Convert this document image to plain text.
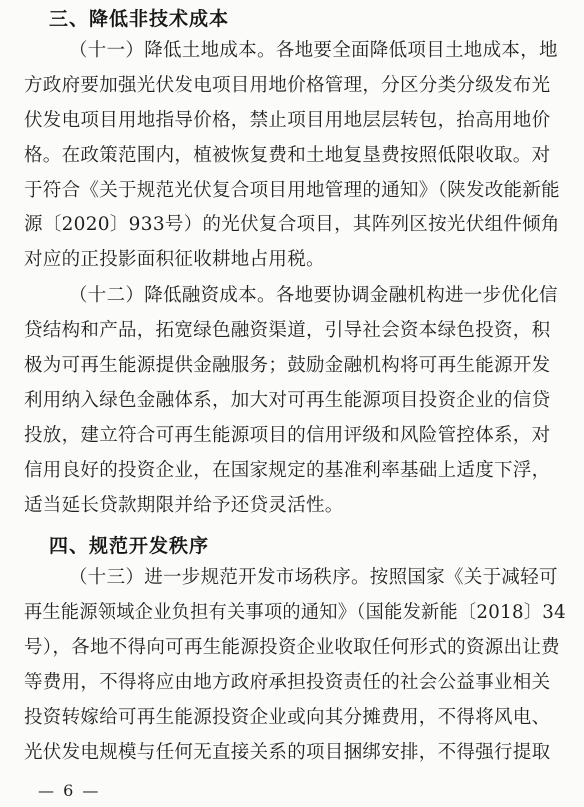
三、降低非技术成本
（十一）降低土地成本。各地要全面降低项目土地成本，地
方政府要加强光伏发电项目用地价格管理，分区分类分级发布光
伏发电项目用地指导价格，禁止项目用地层层转包，抬高用地价
格。在政策范围内，植被恢复费和土地复垦费按照低限收取。对
于符合《关于规范光伏复合项目用地管理的通知》（陕发改能新能
源〔2020〕933号）的光伏复合项目，其阵列区按光伏组件倾角
对应的正投影面积征收耕地占用税。
（十二）降低融资成本。各地要协调金融机构进一步优化信
贷结构和产品，拓宽绿色融资渠道，引导社会资本绿色投资，积
极为可再生能源提供金融服务；鼓励金融机构将可再生能源开发
利用纳入绿色金融体系，加大对可再生能源项目投资企业的信贷
投放，建立符合可再生能源项目的信用评级和风险管控体系，对
信用良好的投资企业，在国家规定的基准利率基础上适度下浮，
适当延长贷款期限并给予还贷灵活性。
四、规范开发秩序
（十三）进一步规范开发市场秩序。按照国家《关于减轻可
再生能源领域企业负担有关事项的通知》（国能发新能〔2018〕34
号），各地不得向可再生能源投资企业收取任何形式的资源出让费
等费用，不得将应由地方政府承担投资责任的社会公益事业相关
投资转嫁给可再生能源投资企业或向其分摊费用，不得将风电、
光伏发电规模与任何无直接关系的项目捆绑安排，不得强行提取
— 6 —
